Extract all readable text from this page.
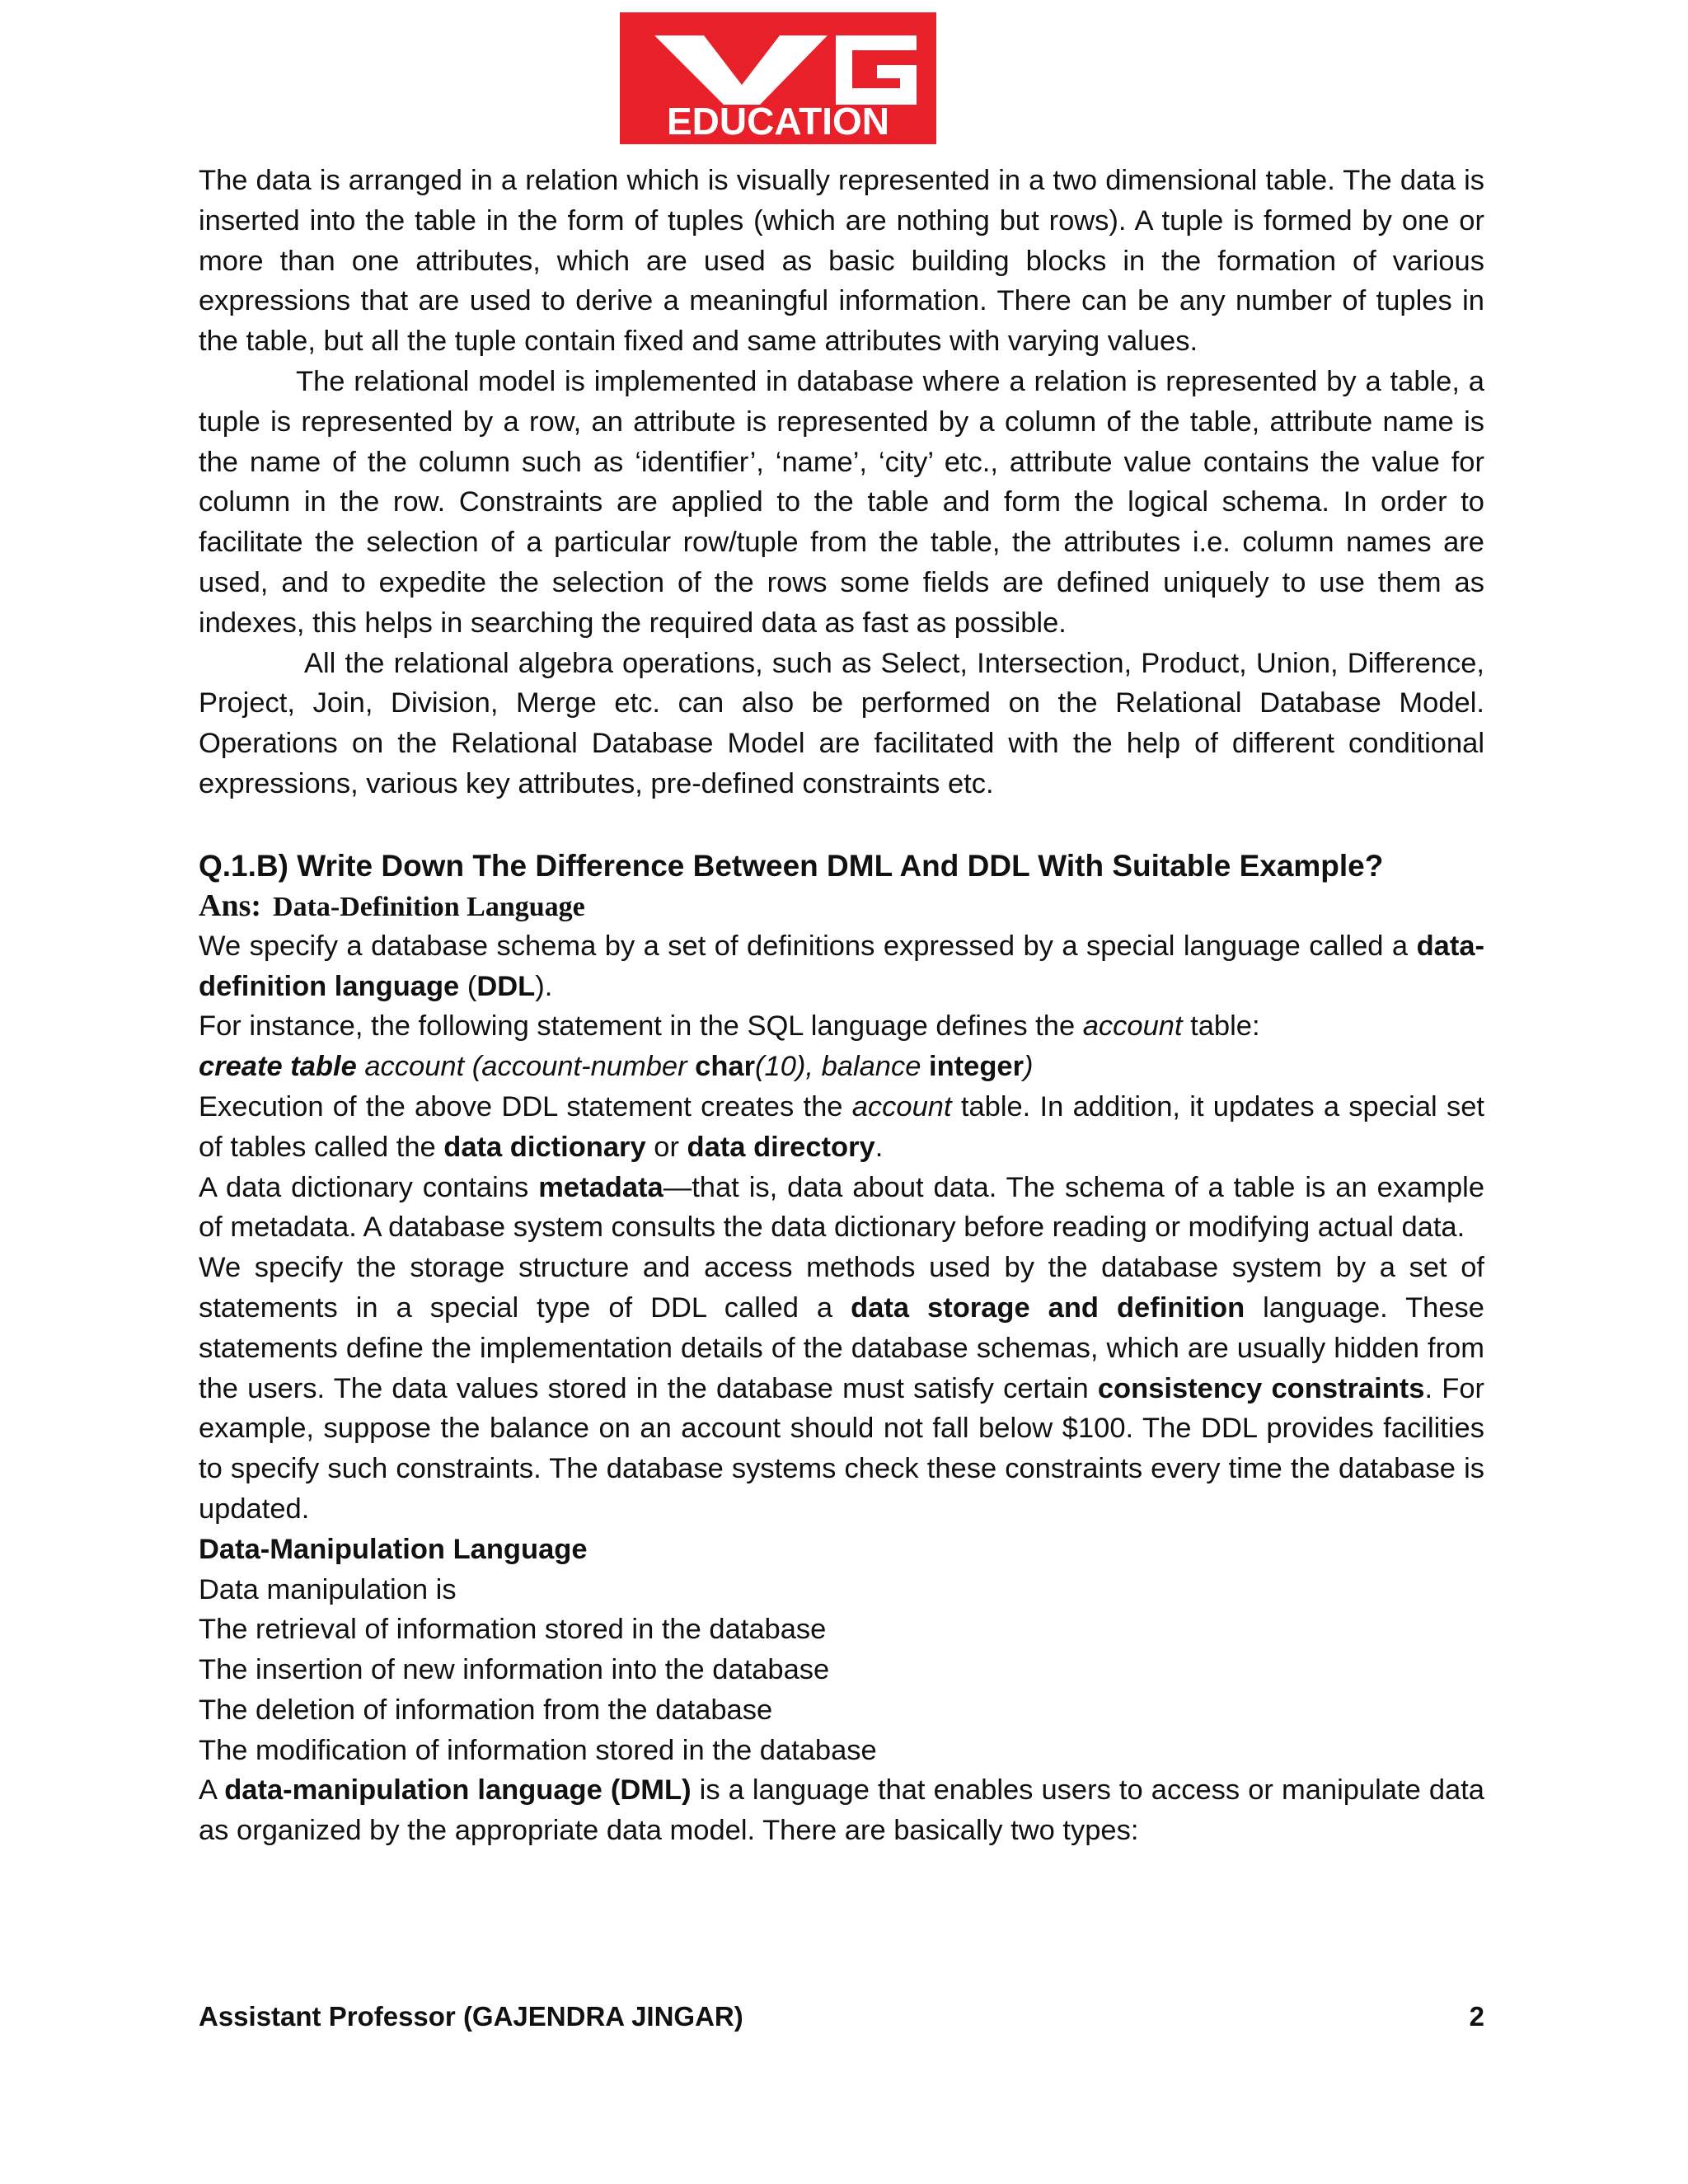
EDUCATION

The data is arranged in a relation which is visually represented in a two dimensional table. The data is inserted into the table in the form of tuples (which are nothing but rows). A tuple is formed by one or more than one attributes, which are used as basic building blocks in the formation of various expressions that are used to derive a meaningful information. There can be any number of tuples in the table, but all the tuple contain fixed and same attributes with varying values.

The relational model is implemented in database where a relation is represented by a table, a tuple is represented by a row, an attribute is represented by a column of the table, attribute name is the name of the column such as ‘identifier’, ‘name’, ‘city’ etc., attribute value contains the value for column in the row. Constraints are applied to the table and form the logical schema. In order to facilitate the selection of a particular row/tuple from the table, the attributes i.e. column names are used, and to expedite the selection of the rows some fields are defined uniquely to use them as indexes, this helps in searching the required data as fast as possible.

All the relational algebra operations, such as Select, Intersection, Product, Union, Difference, Project, Join, Division, Merge etc. can also be performed on the Relational Database Model. Operations on the Relational Database Model are facilitated with the help of different conditional expressions, various key attributes, pre-defined constraints etc.

Q.1.B) Write Down The Difference Between DML And DDL With Suitable Example?

Ans: Data-Definition Language

We specify a database schema by a set of definitions expressed by a special language called a data-definition language (DDL).

For instance, the following statement in the SQL language defines the account table:

create table account (account-number char(10), balance integer)

Execution of the above DDL statement creates the account table. In addition, it updates a special set of tables called the data dictionary or data directory.

A data dictionary contains metadata—that is, data about data. The schema of a table is an example of metadata. A database system consults the data dictionary before reading or modifying actual data.

We specify the storage structure and access methods used by the database system by a set of statements in a special type of DDL called a data storage and definition language. These statements define the implementation details of the database schemas, which are usually hidden from the users. The data values stored in the database must satisfy certain consistency constraints. For example, suppose the balance on an account should not fall below $100. The DDL provides facilities to specify such constraints. The database systems check these constraints every time the database is updated.

Data-Manipulation Language

Data manipulation is

The retrieval of information stored in the database

The insertion of new information into the database

The deletion of information from the database

The modification of information stored in the database

A data-manipulation language (DML) is a language that enables users to access or manipulate data as organized by the appropriate data model. There are basically two types:

Assistant Professor (GAJENDRA JINGAR)	2
